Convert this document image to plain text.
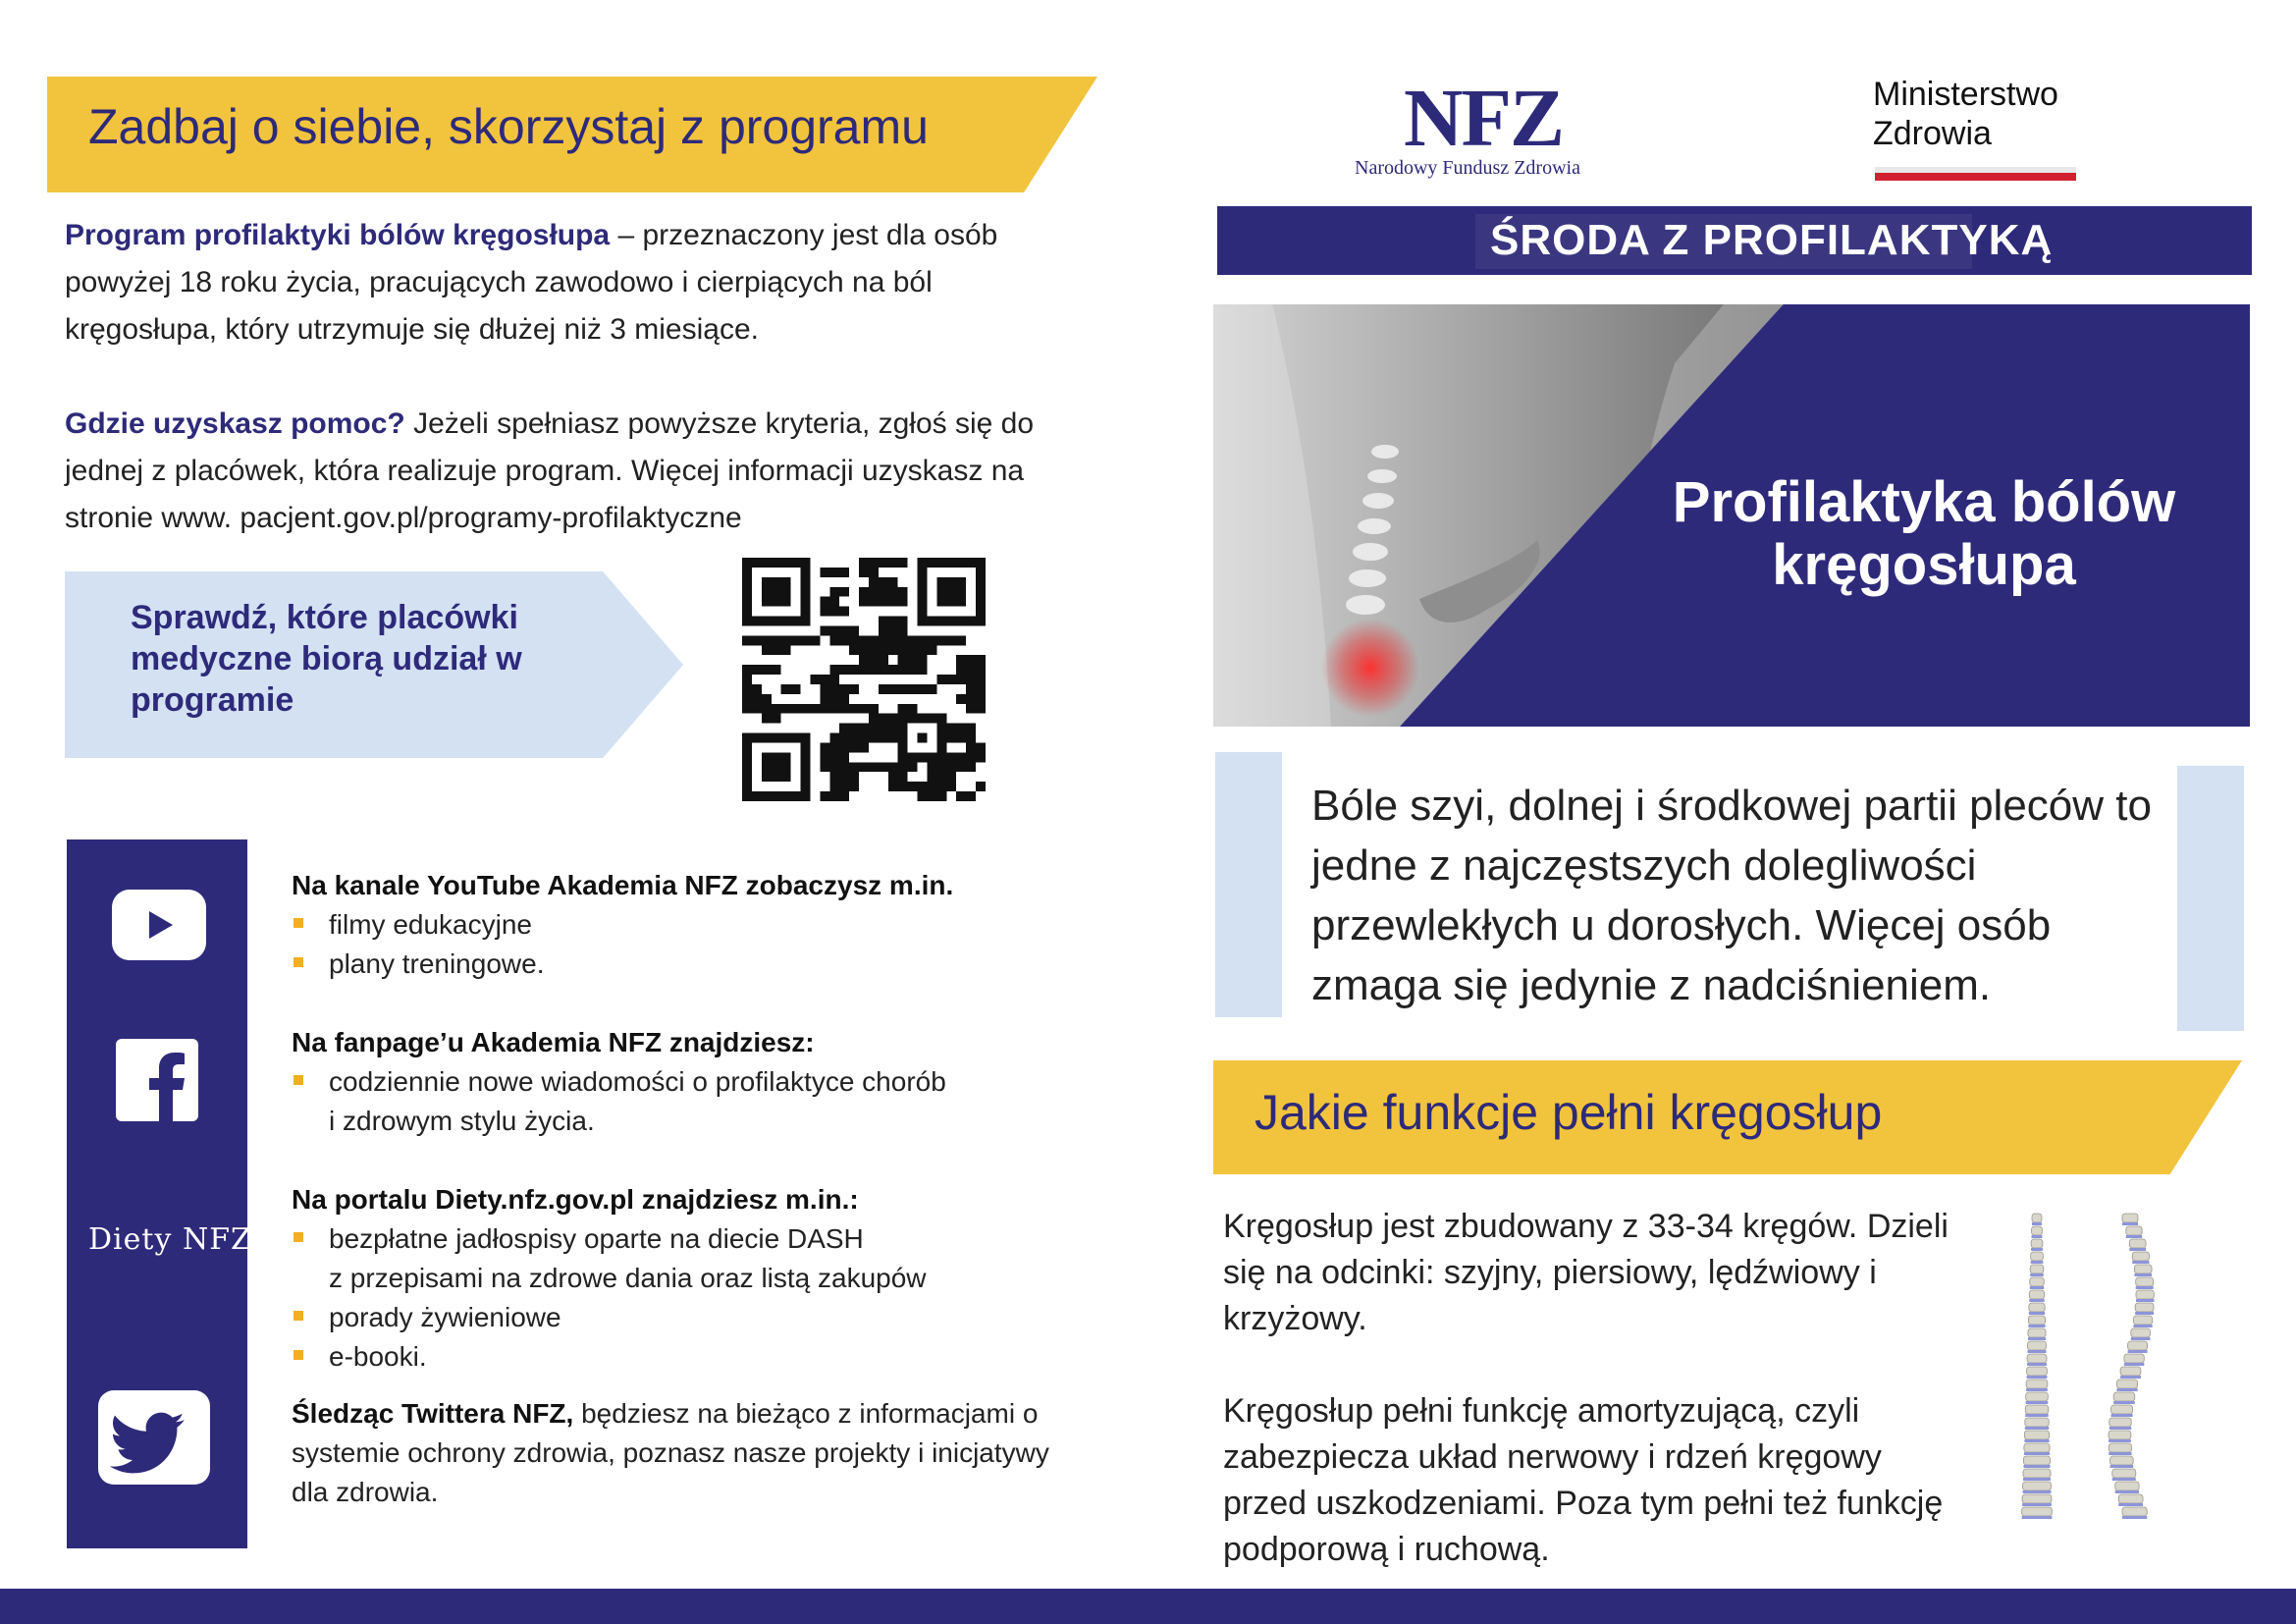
Zadbaj o siebie, skorzystaj z programu
Program profilaktyki bólów kręgosłupa – przeznaczony jest dla osób powyżej 18 roku życia, pracujących zawodowo i cierpiących na ból kręgosłupa, który utrzymuje się dłużej niż 3 miesiące.
Gdzie uzyskasz pomoc? Jeżeli spełniasz powyższe kryteria, zgłoś się do jednej z placówek, która realizuje program. Więcej informacji uzyskasz na stronie www. pacjent.gov.pl/programy-profilaktyczne
Sprawdź, które placówki medyczne biorą udział w programie
Diety NFZ
Na kanale YouTube Akademia NFZ zobaczysz m.in.
filmy edukacyjne
plany treningowe.
Na fanpage’u Akademia NFZ znajdziesz:
codziennie nowe wiadomości o profilaktyce chorób
i zdrowym stylu życia.
Na portalu Diety.nfz.gov.pl znajdziesz m.in.:
bezpłatne jadłospisy oparte na diecie DASH
z przepisami na zdrowe dania oraz listą zakupów
porady żywieniowe
e-booki.
Śledząc Twittera NFZ, będziesz na bieżąco z informacjami o systemie ochrony zdrowia, poznasz nasze projekty i inicjatywy dla zdrowia.
NFZ
Narodowy Fundusz Zdrowia
Ministerstwo
Zdrowia
ŚRODA Z PROFILAKTYKĄ
Profilaktyka bólów kręgosłupa
Bóle szyi, dolnej i środkowej partii pleców to jedne z najczęstszych dolegliwości przewlekłych u dorosłych. Więcej osób zmaga się jedynie z nadciśnieniem.
Jakie funkcje pełni kręgosłup
Kręgosłup jest zbudowany z 33-34 kręgów. Dzieli się na odcinki: szyjny, piersiowy, lędźwiowy i krzyżowy.
Kręgosłup pełni funkcję amortyzującą, czyli zabezpiecza układ nerwowy i rdzeń kręgowy przed uszkodzeniami. Poza tym pełni też funkcję podporową i ruchową.
